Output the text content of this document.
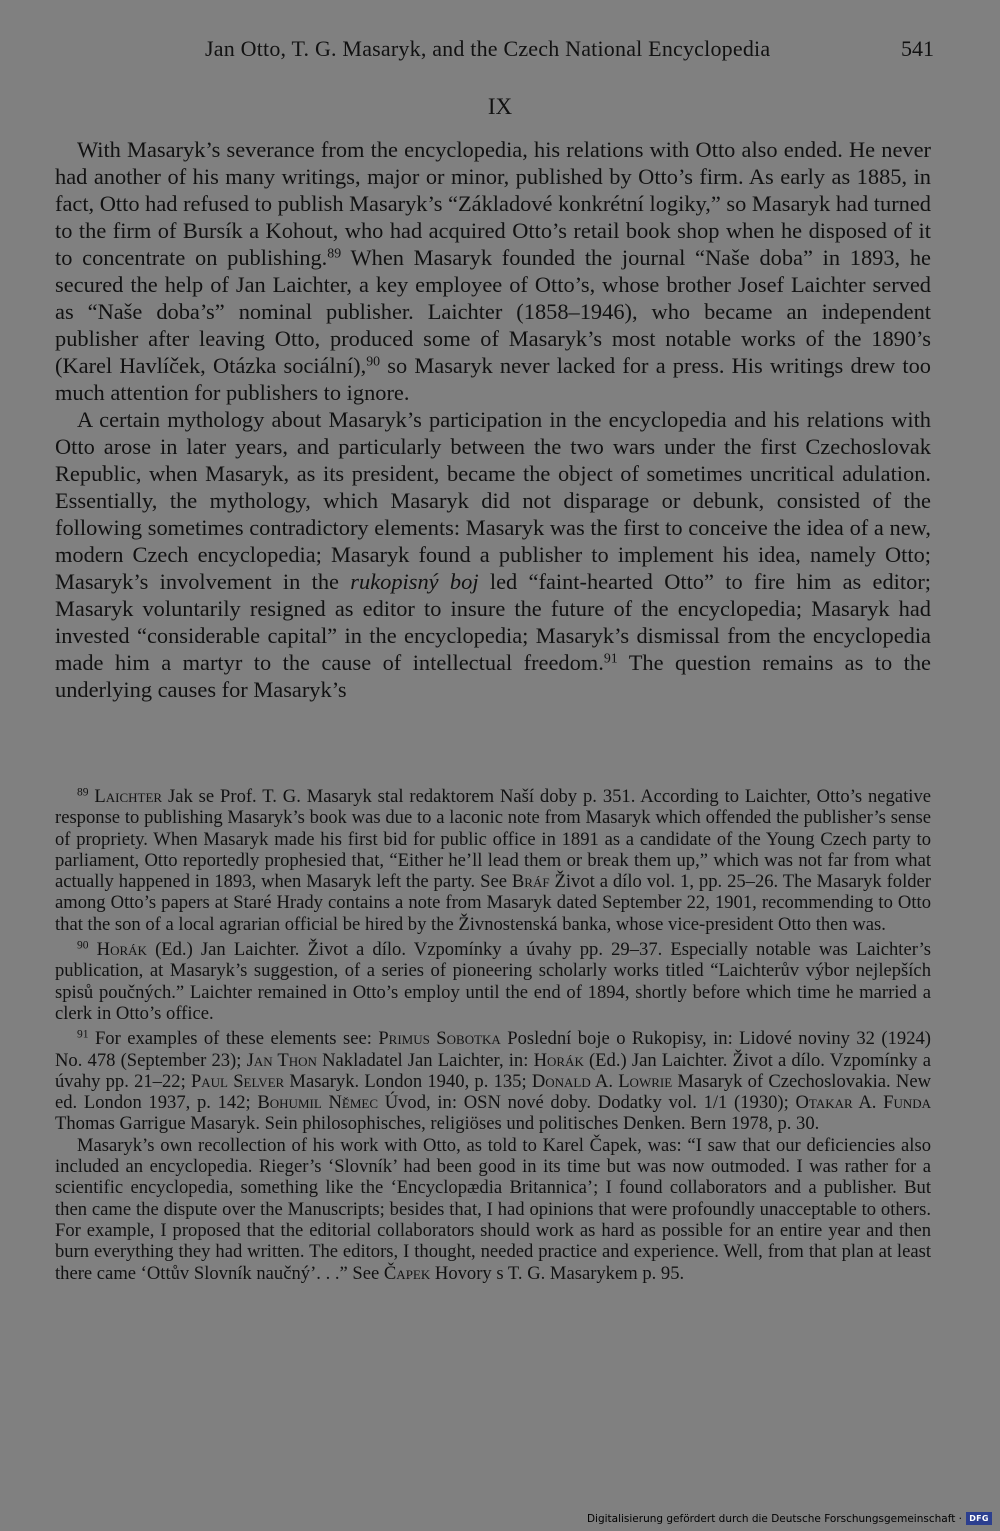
Jan Otto, T. G. Masaryk, and the Czech National Encyclopedia	541
IX

With Masaryk’s severance from the encyclopedia, his relations with Otto also ended. He never had another of his many writings, major or minor, published by Otto’s firm. As early as 1885, in fact, Otto had refused to publish Masaryk’s “Základové konkrétní logiky,” so Masaryk had turned to the firm of Bursík a Kohout, who had acquired Otto’s retail book shop when he disposed of it to concentrate on publishing.$^{89}$ When Masaryk founded the journal “Naše doba” in 1893, he secured the help of Jan Laichter, a key employee of Otto’s, whose brother Josef Laichter served as “Naše doba’s” nominal publisher. Laichter (1858–1946), who became an independent publisher after leaving Otto, produced some of Masaryk’s most notable works of the 1890’s (Karel Havlíček, Otázka sociální),$^{90}$ so Masaryk never lacked for a press. His writings drew too much attention for publishers to ignore.

A certain mythology about Masaryk’s participation in the encyclopedia and his relations with Otto arose in later years, and particularly between the two wars under the first Czechoslovak Republic, when Masaryk, as its president, became the object of sometimes uncritical adulation. Essentially, the mythology, which Masaryk did not disparage or debunk, consisted of the following sometimes contradictory elements: Masaryk was the first to conceive the idea of a new, modern Czech encyclopedia; Masaryk found a publisher to implement his idea, namely Otto; Masaryk’s involvement in the rukopisný boj led “faint-hearted Otto” to fire him as editor; Masaryk voluntarily resigned as editor to insure the future of the encyclopedia; Masaryk had invested “considerable capital” in the encyclopedia; Masaryk’s dismissal from the encyclopedia made him a martyr to the cause of intellectual freedom.$^{91}$ The question remains as to the underlying causes for Masaryk’s

$^{89}$ Laichter Jak se Prof. T. G. Masaryk stal redaktorem Naší doby p. 351. According to Laichter, Otto’s negative response to publishing Masaryk’s book was due to a laconic note from Masaryk which offended the publisher’s sense of propriety. When Masaryk made his first bid for public office in 1891 as a candidate of the Young Czech party to parliament, Otto reportedly prophesied that, “Either he’ll lead them or break them up,” which was not far from what actually happened in 1893, when Masaryk left the party. See Bráf Život a dílo vol. 1, pp. 25–26. The Masaryk folder among Otto’s papers at Staré Hrady contains a note from Masaryk dated September 22, 1901, recommending to Otto that the son of a local agrarian official be hired by the Živnostenská banka, whose vice-president Otto then was.

$^{90}$ Horák (Ed.) Jan Laichter. Život a dílo. Vzpomínky a úvahy pp. 29–37. Especially notable was Laichter’s publication, at Masaryk’s suggestion, of a series of pioneering scholarly works titled “Laichterův výbor nejlepších spisů poučných.” Laichter remained in Otto’s employ until the end of 1894, shortly before which time he married a clerk in Otto’s office.

$^{91}$ For examples of these elements see: Primus Sobotka Poslední boje o Rukopisy, in: Lidové noviny 32 (1924) No. 478 (September 23); Jan Thon Nakladatel Jan Laichter, in: Horák (Ed.) Jan Laichter. Život a dílo. Vzpomínky a úvahy pp. 21–22; Paul Selver Masaryk. London 1940, p. 135; Donald A. Lowrie Masaryk of Czechoslovakia. New ed. London 1937, p. 142; Bohumil Němec Úvod, in: OSN nové doby. Dodatky vol. 1/1 (1930); Otakar A. Funda Thomas Garrigue Masaryk. Sein philosophisches, religiöses und politisches Denken. Bern 1978, p. 30.

Masaryk’s own recollection of his work with Otto, as told to Karel Čapek, was: “I saw that our deficiencies also included an encyclopedia. Rieger’s ‘Slovník’ had been good in its time but was now outmoded. I was rather for a scientific encyclopedia, something like the ‘Encyclopædia Britannica’; I found collaborators and a publisher. But then came the dispute over the Manuscripts; besides that, I had opinions that were profoundly unacceptable to others. For example, I proposed that the editorial collaborators should work as hard as possible for an entire year and then burn everything they had written. The editors, I thought, needed practice and experience. Well, from that plan at least there came ‘Ottův Slovník naučný’. . .” See Čapek Hovory s T. G. Masarykem p. 95.

Digitalisierung gefördert durch die Deutsche Forschungsgemeinschaft · DFG
